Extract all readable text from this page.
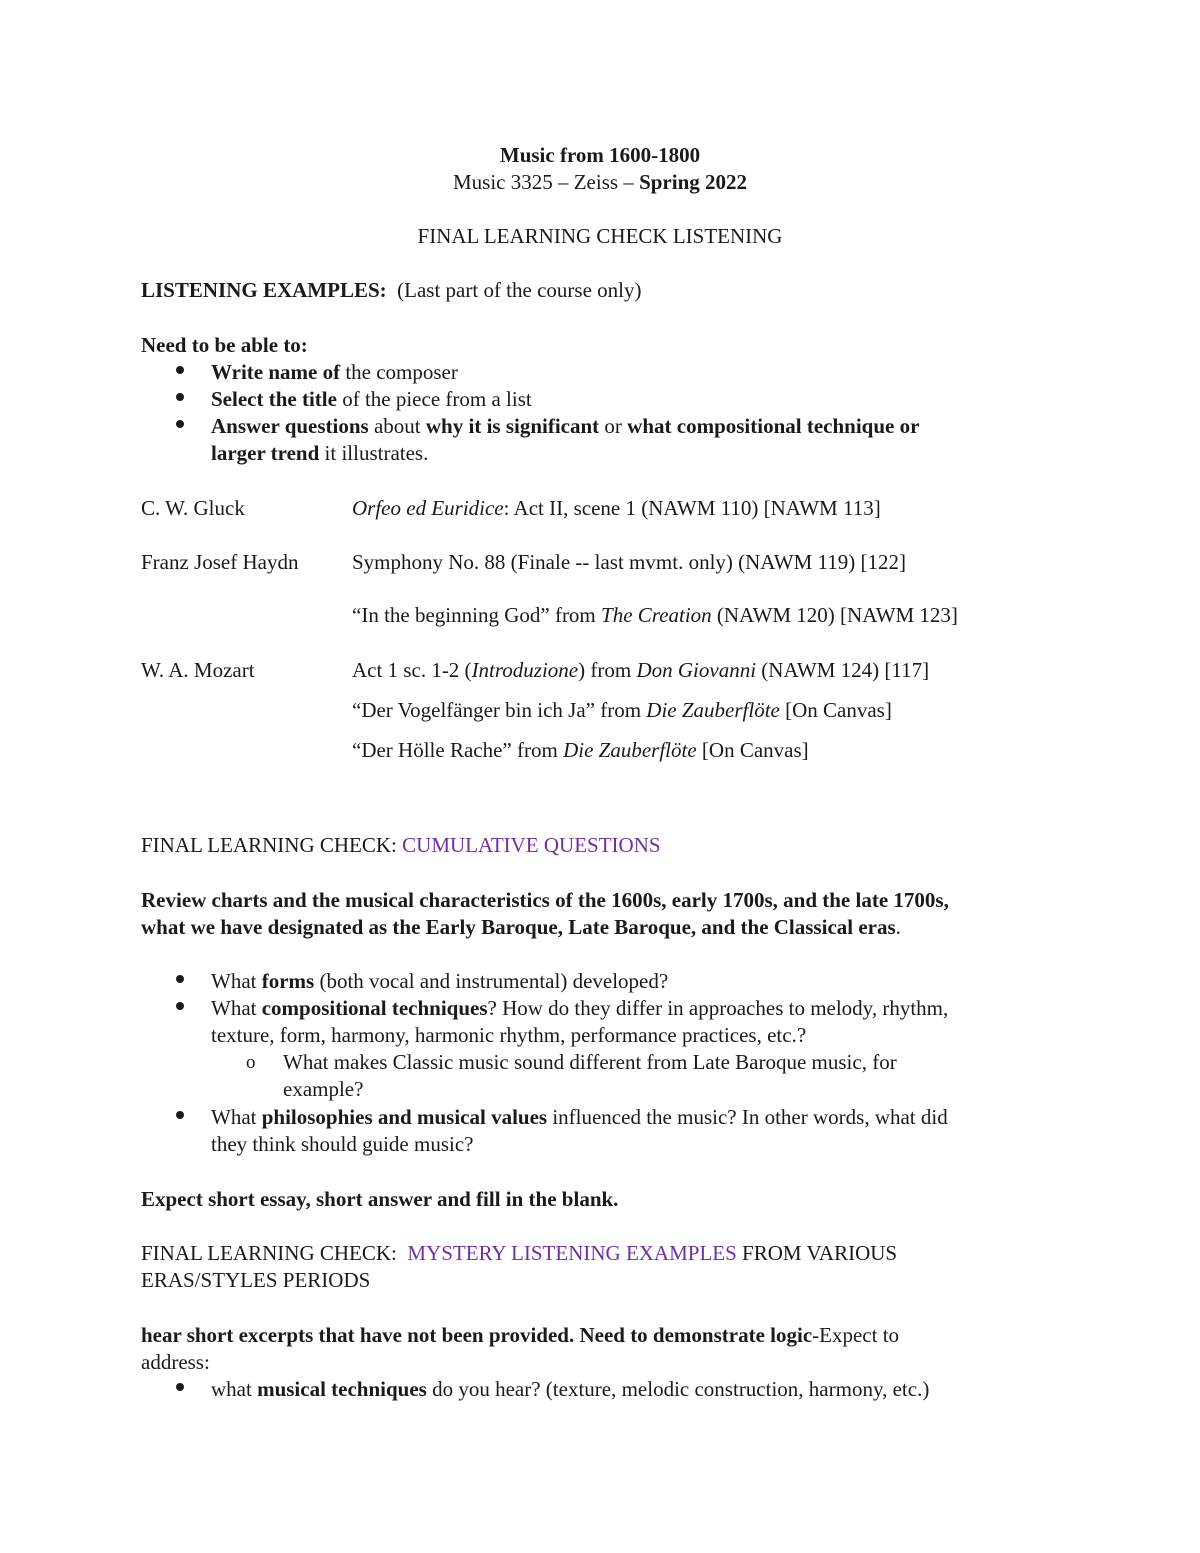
Music from 1600-1800
Music 3325 – Zeiss – Spring 2022
FINAL LEARNING CHECK LISTENING
LISTENING EXAMPLES: (Last part of the course only)
Need to be able to:
Write name of the composer
Select the title of the piece from a list
Answer questions about why it is significant or what compositional technique or
larger trend it illustrates.
C. W. Gluck	Orfeo ed Euridice: Act II, scene 1 (NAWM 110) [NAWM 113]
Franz Josef Haydn	Symphony No. 88 (Finale -- last mvmt. only) (NAWM 119) [122]
“In the beginning God” from The Creation (NAWM 120) [NAWM 123]
W. A. Mozart	Act 1 sc. 1-2 (Introduzione) from Don Giovanni (NAWM 124) [117]
“Der Vogelfänger bin ich Ja” from Die Zauberflöte [On Canvas]
“Der Hölle Rache” from Die Zauberflöte [On Canvas]
FINAL LEARNING CHECK: CUMULATIVE QUESTIONS
Review charts and the musical characteristics of the 1600s, early 1700s, and the late 1700s,
what we have designated as the Early Baroque, Late Baroque, and the Classical eras.
What forms (both vocal and instrumental) developed?
What compositional techniques? How do they differ in approaches to melody, rhythm,
texture, form, harmony, harmonic rhythm, performance practices, etc.?
o What makes Classic music sound different from Late Baroque music, for
example?
What philosophies and musical values influenced the music? In other words, what did
they think should guide music?
Expect short essay, short answer and fill in the blank.
FINAL LEARNING CHECK: MYSTERY LISTENING EXAMPLES FROM VARIOUS
ERAS/STYLES PERIODS
hear short excerpts that have not been provided. Need to demonstrate logic-Expect to
address:
what musical techniques do you hear? (texture, melodic construction, harmony, etc.)
